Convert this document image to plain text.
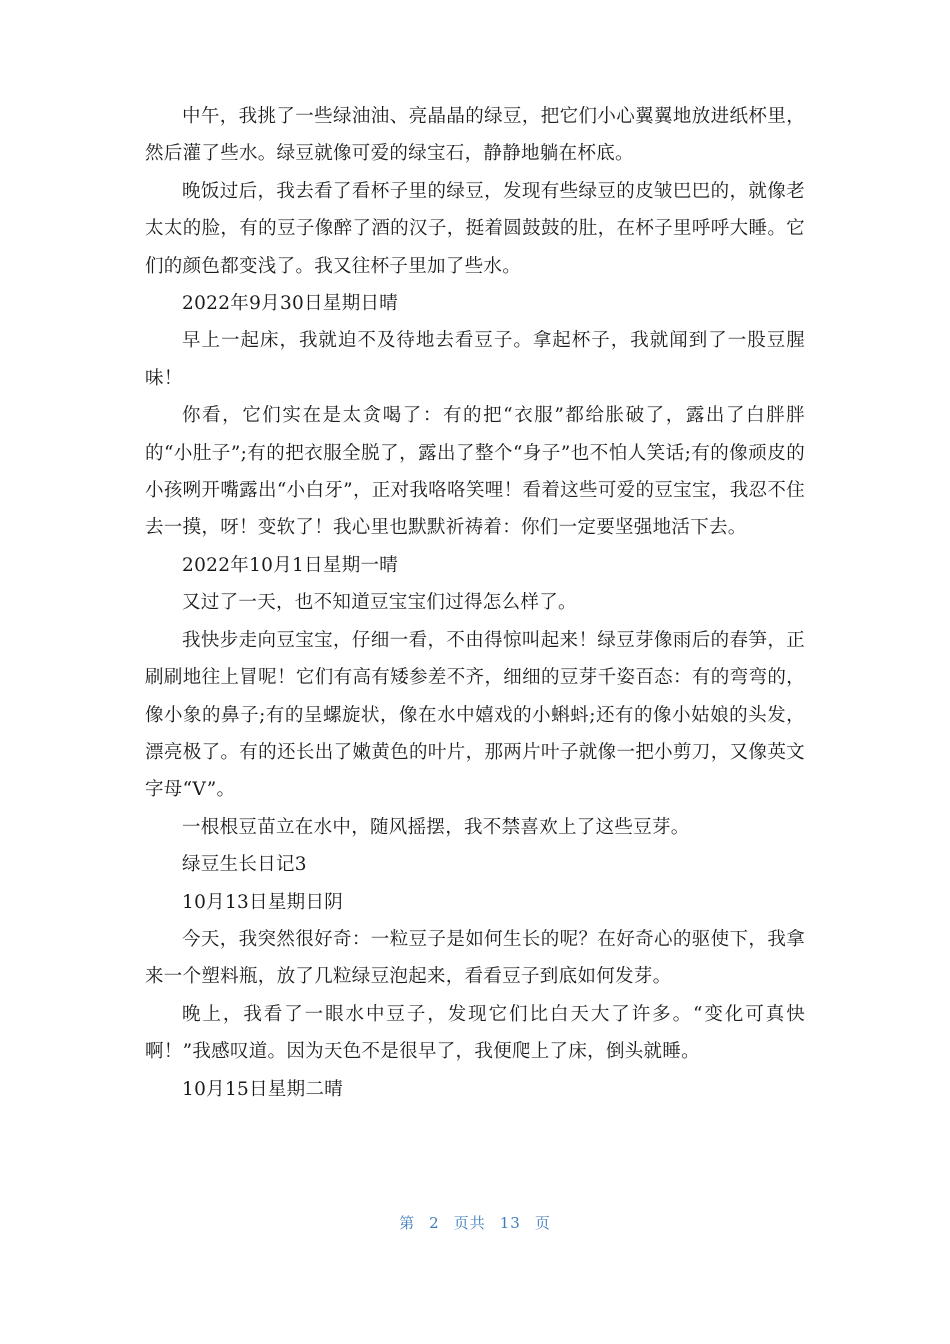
中午，我挑了一些绿油油、亮晶晶的绿豆，把它们小心翼翼地放进纸杯里，然后灌了些水。绿豆就像可爱的绿宝石，静静地躺在杯底。

晚饭过后，我去看了看杯子里的绿豆，发现有些绿豆的皮皱巴巴的，就像老太太的脸，有的豆子像醉了酒的汉子，挺着圆鼓鼓的肚，在杯子里呼呼大睡。它们的颜色都变浅了。我又往杯子里加了些水。

2022年9月30日星期日晴

早上一起床，我就迫不及待地去看豆子。拿起杯子，我就闻到了一股豆腥味！

你看，它们实在是太贪喝了：有的把“衣服”都给胀破了，露出了白胖胖的“小肚子”;有的把衣服全脱了，露出了整个“身子”也不怕人笑话;有的像顽皮的小孩咧开嘴露出“小白牙”，正对我咯咯笑哩！看着这些可爱的豆宝宝，我忍不住去一摸，呀！变软了！我心里也默默祈祷着：你们一定要坚强地活下去。

2022年10月1日星期一晴

又过了一天，也不知道豆宝宝们过得怎么样了。

我快步走向豆宝宝，仔细一看，不由得惊叫起来！绿豆芽像雨后的春笋，正刷刷地往上冒呢！它们有高有矮参差不齐，细细的豆芽千姿百态：有的弯弯的，像小象的鼻子;有的呈螺旋状，像在水中嬉戏的小蝌蚪;还有的像小姑娘的头发，漂亮极了。有的还长出了嫩黄色的叶片，那两片叶子就像一把小剪刀，又像英文字母“V”。

一根根豆苗立在水中，随风摇摆，我不禁喜欢上了这些豆芽。

绿豆生长日记3

10月13日星期日阴

今天，我突然很好奇：一粒豆子是如何生长的呢？在好奇心的驱使下，我拿来一个塑料瓶，放了几粒绿豆泡起来，看看豆子到底如何发芽。

晚上，我看了一眼水中豆子，发现它们比白天大了许多。“变化可真快啊！”我感叹道。因为天色不是很早了，我便爬上了床，倒头就睡。

10月15日星期二晴

第 2 页共 13 页
